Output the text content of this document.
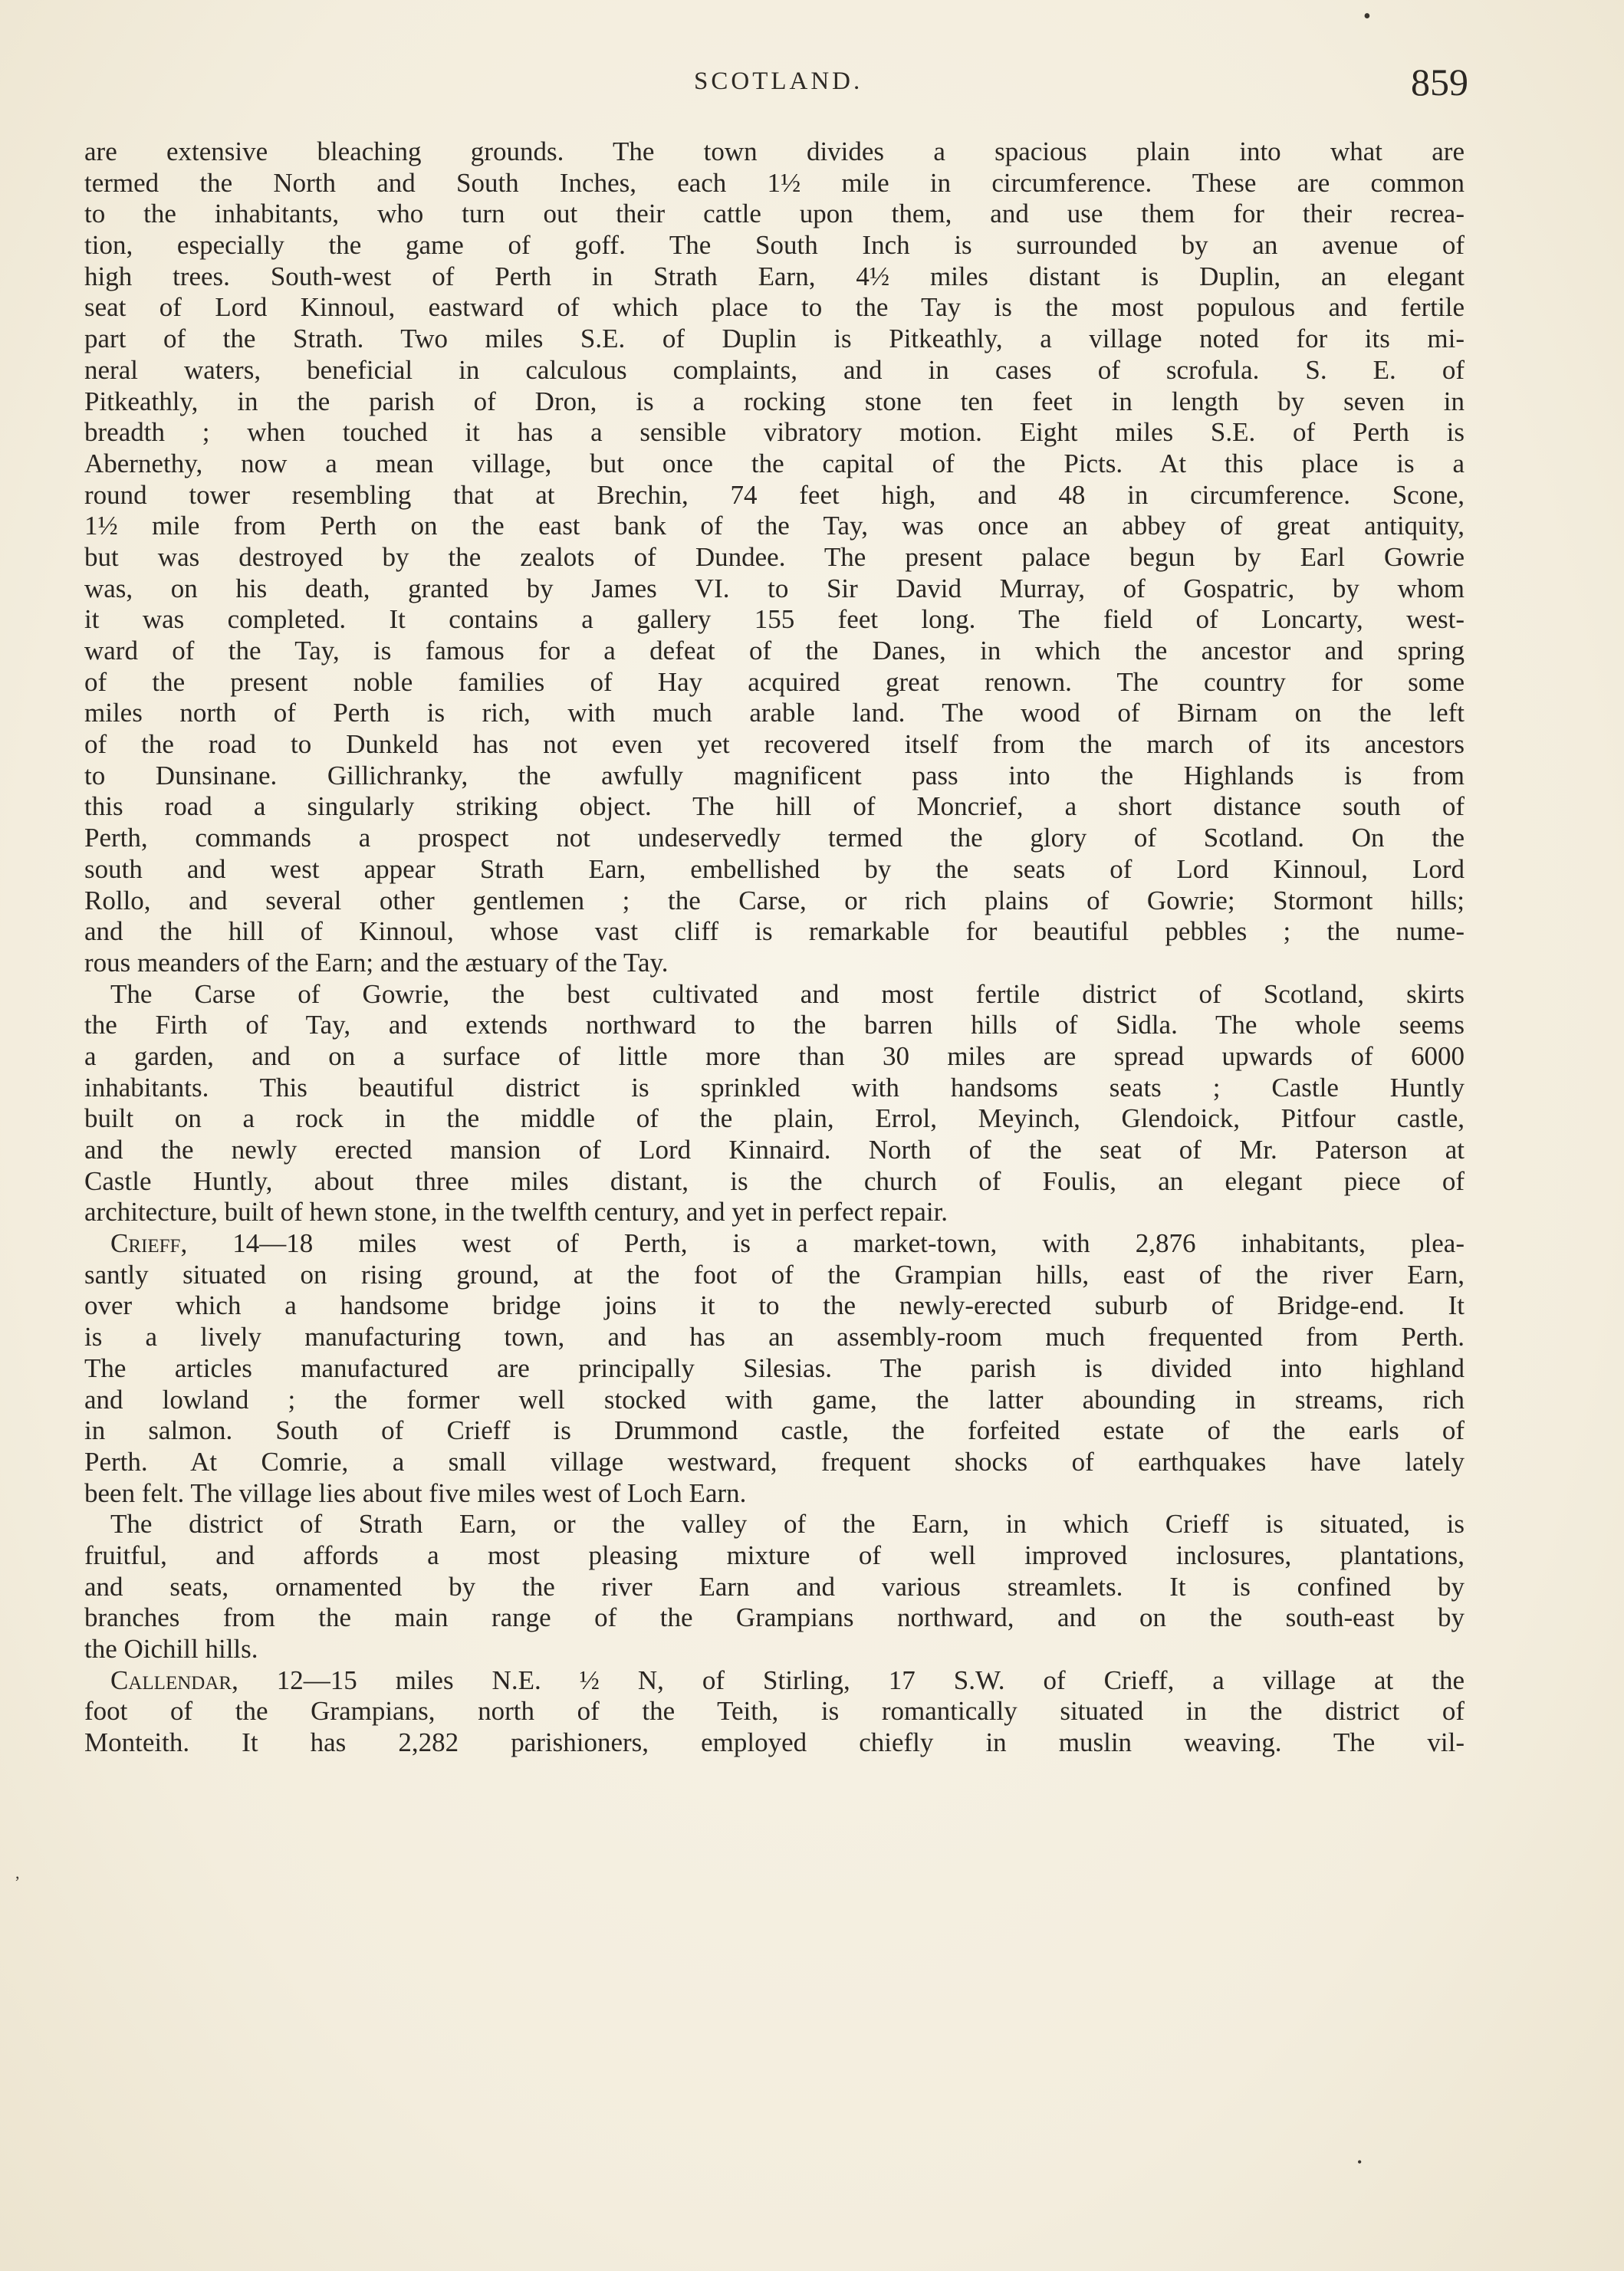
•
SCOTLAND.	859
are extensive bleaching grounds. The town divides a spacious plain into what are
termed the North and South Inches, each 1½ mile in circumference. These are common
to the inhabitants, who turn out their cattle upon them, and use them for their recrea-
tion, especially the game of goff. The South Inch is surrounded by an avenue of
high trees. South-west of Perth in Strath Earn, 4½ miles distant is Duplin, an elegant
seat of Lord Kinnoul, eastward of which place to the Tay is the most populous and fertile
part of the Strath. Two miles S.E. of Duplin is Pitkeathly, a village noted for its mi-
neral waters, beneficial in calculous complaints, and in cases of scrofula. S. E. of
Pitkeathly, in the parish of Dron, is a rocking stone ten feet in length by seven in
breadth ; when touched it has a sensible vibratory motion. Eight miles S.E. of Perth is
Abernethy, now a mean village, but once the capital of the Picts. At this place is a
round tower resembling that at Brechin, 74 feet high, and 48 in circumference. Scone,
1½ mile from Perth on the east bank of the Tay, was once an abbey of great antiquity,
but was destroyed by the zealots of Dundee. The present palace begun by Earl Gowrie
was, on his death, granted by James VI. to Sir David Murray, of Gospatric, by whom
it was completed. It contains a gallery 155 feet long. The field of Loncarty, west-
ward of the Tay, is famous for a defeat of the Danes, in which the ancestor and spring
of the present noble families of Hay acquired great renown. The country for some
miles north of Perth is rich, with much arable land. The wood of Birnam on the left
of the road to Dunkeld has not even yet recovered itself from the march of its ancestors
to Dunsinane. Gillichranky, the awfully magnificent pass into the Highlands is from
this road a singularly striking object. The hill of Moncrief, a short distance south of
Perth, commands a prospect not undeservedly termed the glory of Scotland. On the
south and west appear Strath Earn, embellished by the seats of Lord Kinnoul, Lord
Rollo, and several other gentlemen ; the Carse, or rich plains of Gowrie; Stormont hills;
and the hill of Kinnoul, whose vast cliff is remarkable for beautiful pebbles ; the nume-
rous meanders of the Earn; and the æstuary of the Tay.
The Carse of Gowrie, the best cultivated and most fertile district of Scotland, skirts
the Firth of Tay, and extends northward to the barren hills of Sidla. The whole seems
a garden, and on a surface of little more than 30 miles are spread upwards of 6000
inhabitants. This beautiful district is sprinkled with handsoms seats ; Castle Huntly
built on a rock in the middle of the plain, Errol, Meyinch, Glendoick, Pitfour castle,
and the newly erected mansion of Lord Kinnaird. North of the seat of Mr. Paterson at
Castle Huntly, about three miles distant, is the church of Foulis, an elegant piece of
architecture, built of hewn stone, in the twelfth century, and yet in perfect repair.
Crieff, 14—18 miles west of Perth, is a market-town, with 2,876 inhabitants, plea-
santly situated on rising ground, at the foot of the Grampian hills, east of the river Earn,
over which a handsome bridge joins it to the newly-erected suburb of Bridge-end. It
is a lively manufacturing town, and has an assembly-room much frequented from Perth.
The articles manufactured are principally Silesias. The parish is divided into highland
and lowland ; the former well stocked with game, the latter abounding in streams, rich
in salmon. South of Crieff is Drummond castle, the forfeited estate of the earls of
Perth. At Comrie, a small village westward, frequent shocks of earthquakes have lately
been felt. The village lies about five miles west of Loch Earn.
The district of Strath Earn, or the valley of the Earn, in which Crieff is situated, is
fruitful, and affords a most pleasing mixture of well improved inclosures, plantations,
and seats, ornamented by the river Earn and various streamlets. It is confined by
branches from the main range of the Grampians northward, and on the south-east by
the Oichill hills.
Callendar, 12—15 miles N.E. ½ N, of Stirling, 17 S.W. of Crieff, a village at the
foot of the Grampians, north of the Teith, is romantically situated in the district of
Monteith. It has 2,282 parishioners, employed chiefly in muslin weaving. The vil-
,
•
